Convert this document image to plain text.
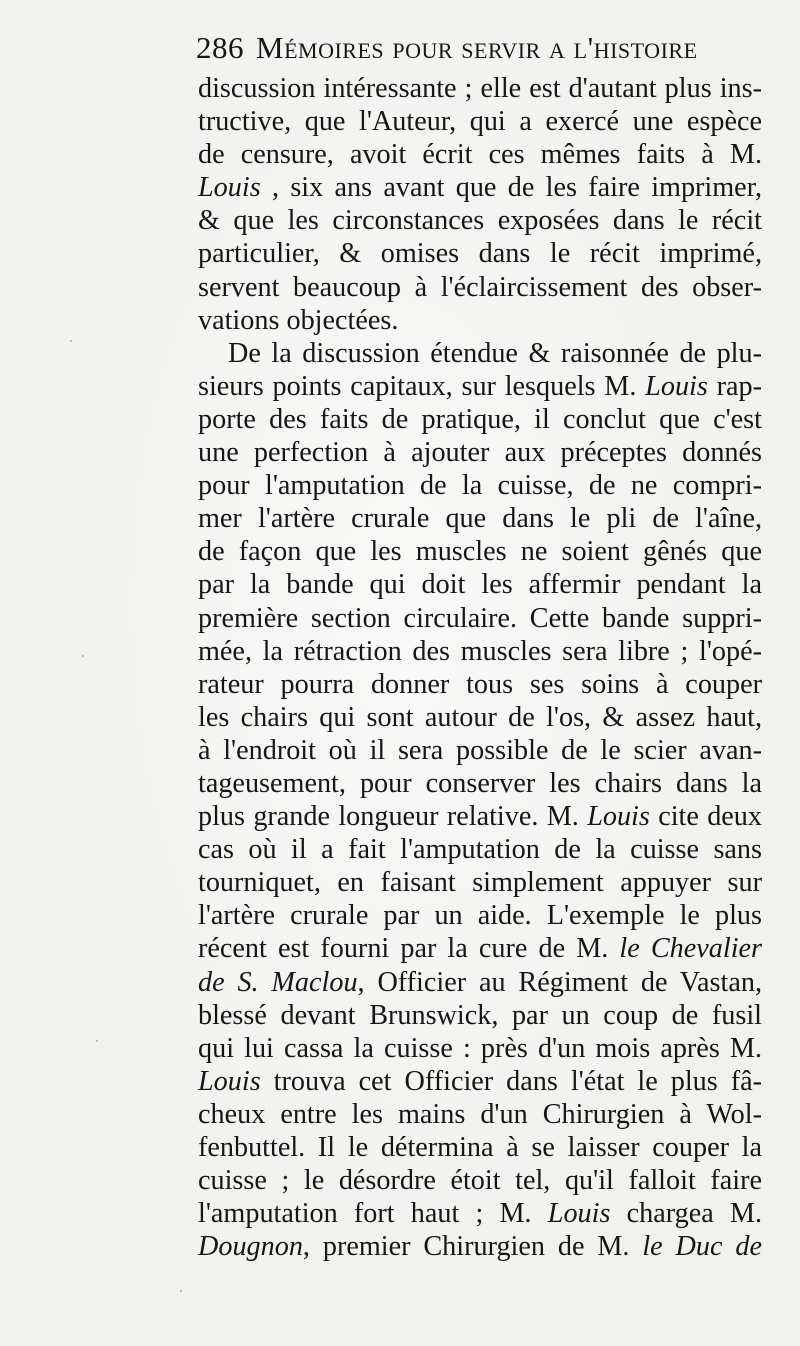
286 Mémoires pour servir a l'histoire
discussion intéressante ; elle est d'autant plus ins-
tructive, que l'Auteur, qui a exercé une espèce
de censure, avoit écrit ces mêmes faits à M.
Louis , six ans avant que de les faire imprimer,
& que les circonstances exposées dans le récit
particulier, & omises dans le récit imprimé,
servent beaucoup à l'éclaircissement des obser-
vations objectées.
De la discussion étendue & raisonnée de plu-
sieurs points capitaux, sur lesquels M. Louis rap-
porte des faits de pratique, il conclut que c'est
une perfection à ajouter aux préceptes donnés
pour l'amputation de la cuisse, de ne compri-
mer l'artère crurale que dans le pli de l'aîne,
de façon que les muscles ne soient gênés que
par la bande qui doit les affermir pendant la
première section circulaire. Cette bande suppri-
mée, la rétraction des muscles sera libre ; l'opé-
rateur pourra donner tous ses soins à couper
les chairs qui sont autour de l'os, & assez haut,
à l'endroit où il sera possible de le scier avan-
tageusement, pour conserver les chairs dans la
plus grande longueur relative. M. Louis cite deux
cas où il a fait l'amputation de la cuisse sans
tourniquet, en faisant simplement appuyer sur
l'artère crurale par un aide. L'exemple le plus
récent est fourni par la cure de M. le Chevalier
de S. Maclou, Officier au Régiment de Vastan,
blessé devant Brunswick, par un coup de fusil
qui lui cassa la cuisse : près d'un mois après M.
Louis trouva cet Officier dans l'état le plus fâ-
cheux entre les mains d'un Chirurgien à Wol-
fenbuttel. Il le détermina à se laisser couper la
cuisse ; le désordre étoit tel, qu'il falloit faire
l'amputation fort haut ; M. Louis chargea M.
Dougnon, premier Chirurgien de M. le Duc de
